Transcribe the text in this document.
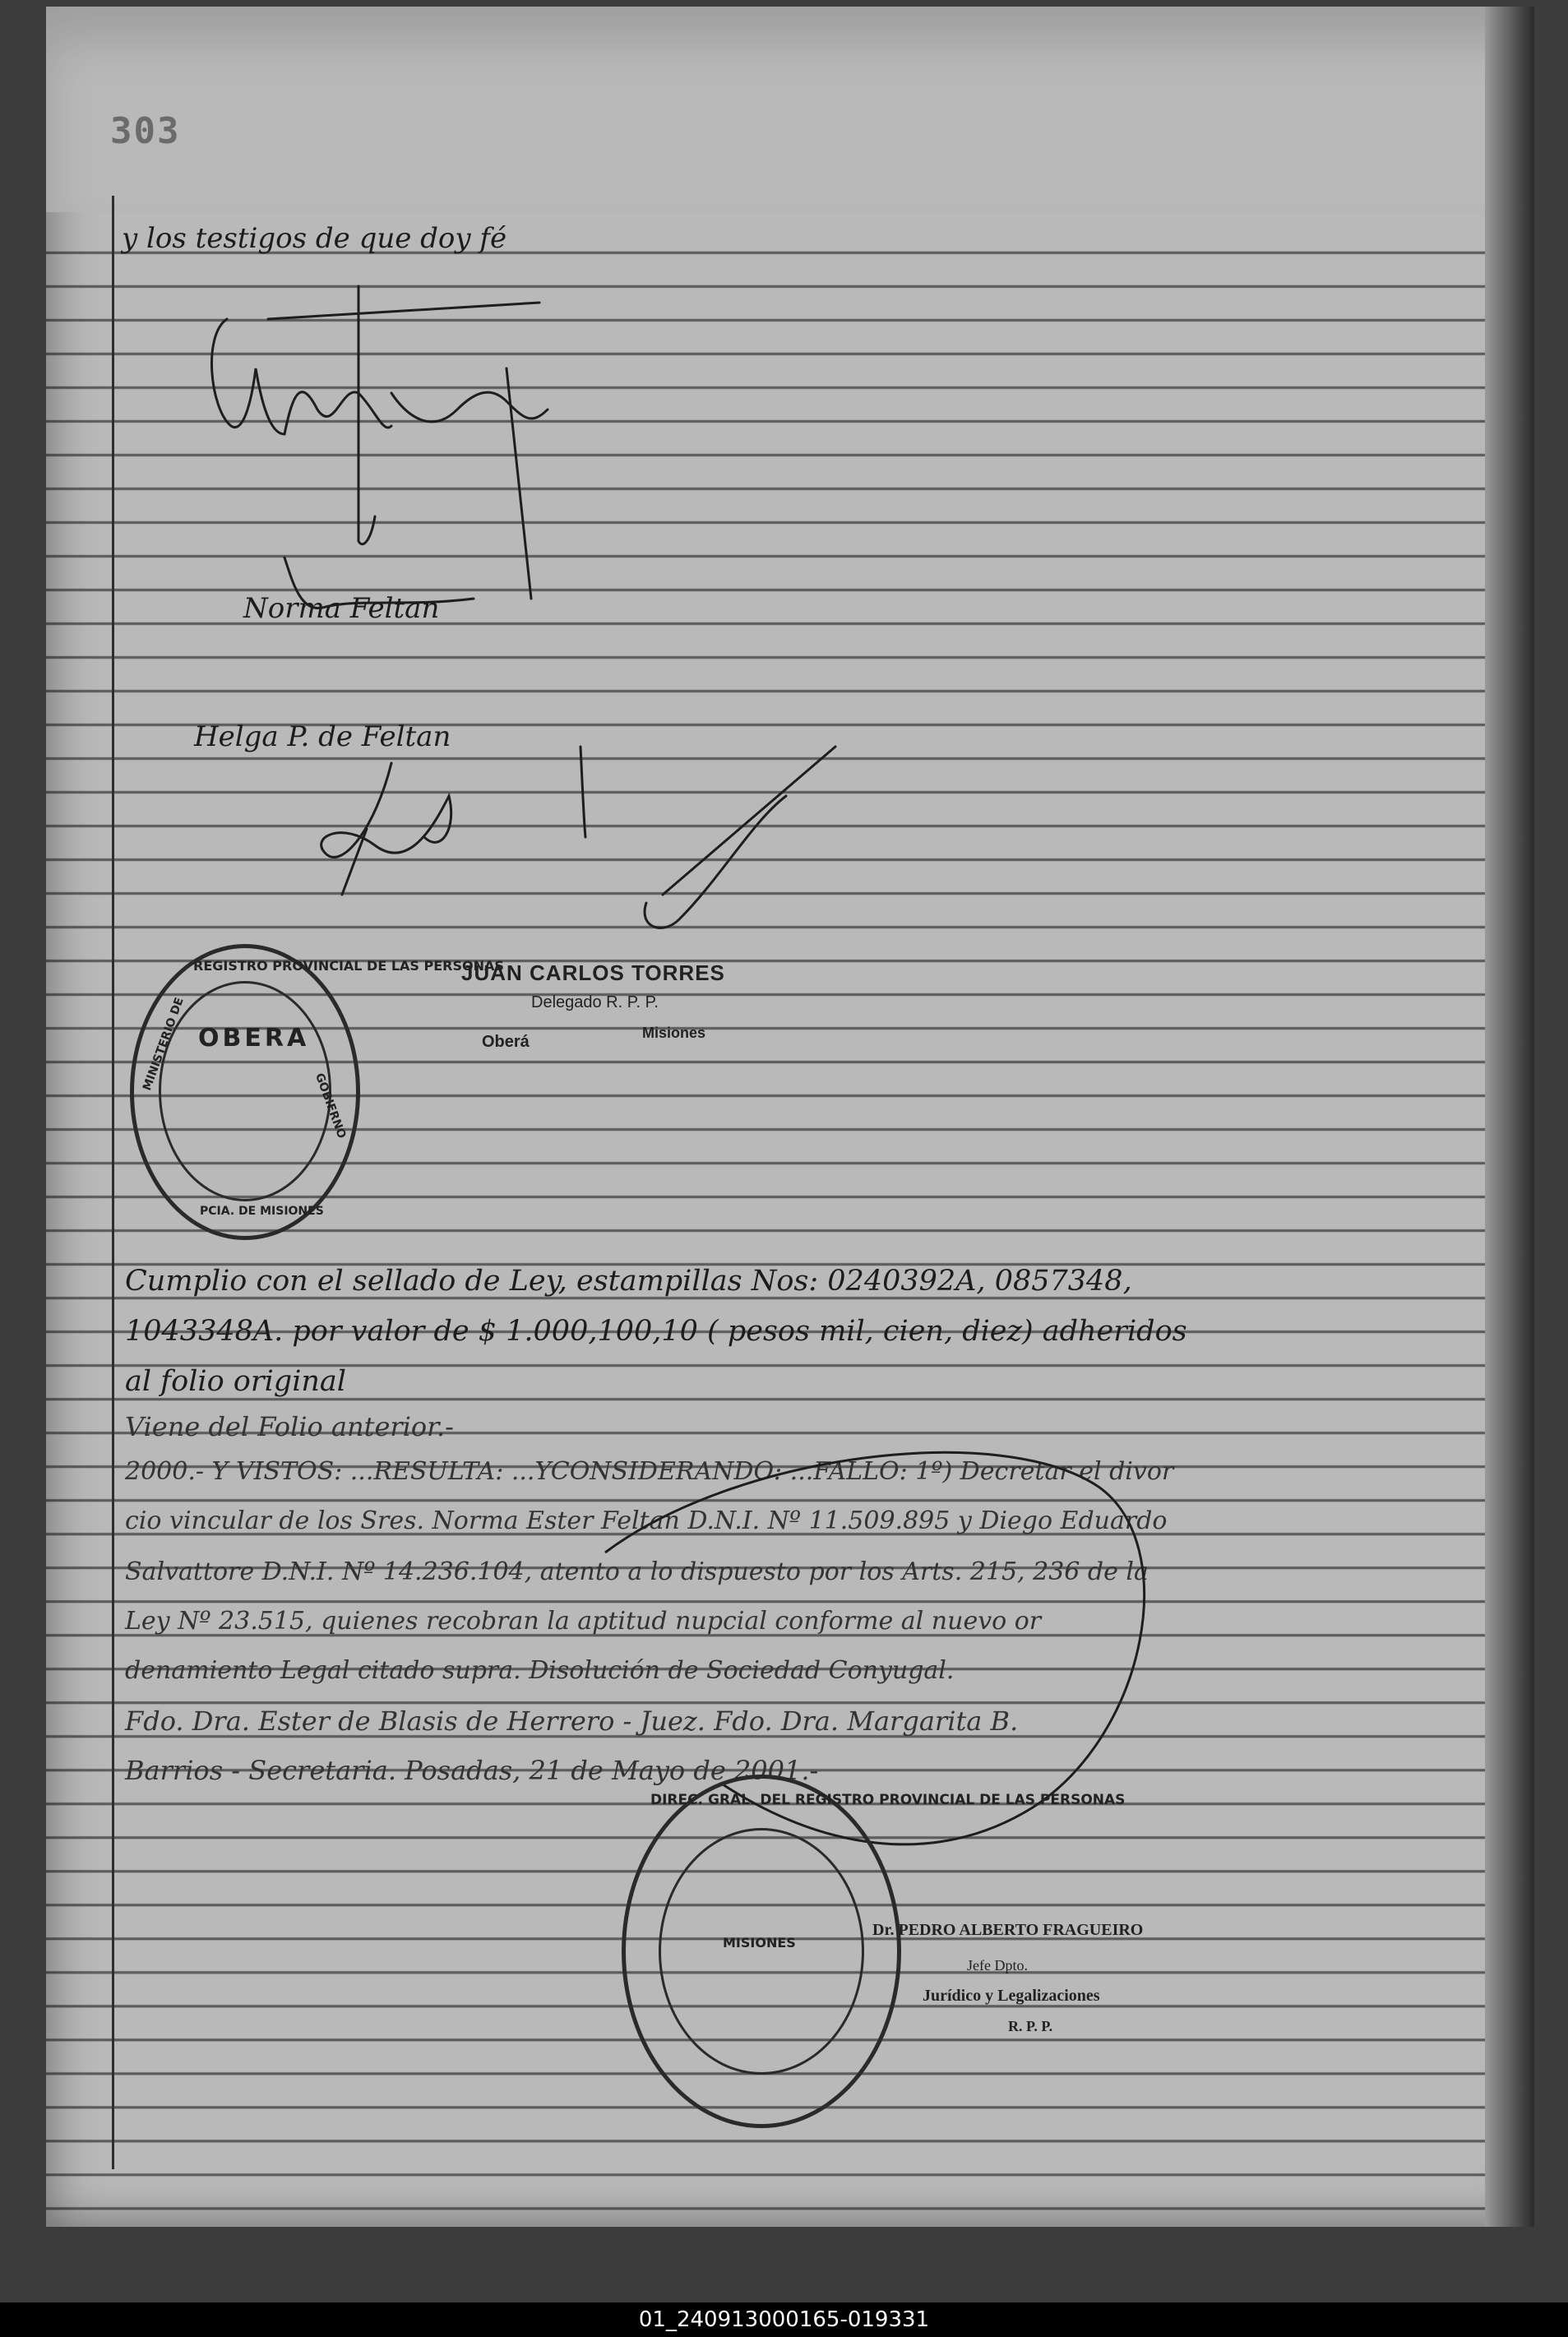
303
y los testigos de que doy fé
Norma Feltan
Helga P. de Feltan
REGISTRO PROVINCIAL DE LAS PERSONAS
OBERA
MINISTERIO DE
GOBIERNO
PCIA. DE MISIONES
JUAN CARLOS TORRES
Delegado R. P. P.
Oberá	Misiones
Cumplio con el sellado de Ley, estampillas Nos: 0240392A, 0857348,
1043348A. por valor de $ 1.000,100,10 ( pesos mil, cien, diez) adheridos
al folio original
Viene del Folio anterior.-
2000.- Y VISTOS: ...RESULTA: ...YCONSIDERANDO: ...FALLO: 1º) Decretar el divor
cio vincular de los Sres. Norma Ester Feltan D.N.I. Nº 11.509.895 y Diego Eduardo
Salvattore D.N.I. Nº 14.236.104, atento a lo dispuesto por los Arts. 215, 236 de la
Ley Nº 23.515, quienes recobran la aptitud nupcial conforme al nuevo or
denamiento Legal citado supra. Disolución de Sociedad Conyugal.
Fdo. Dra. Ester de Blasis de Herrero - Juez. Fdo. Dra. Margarita B.
Barrios - Secretaria. Posadas, 21 de Mayo de 2001.-
DIREC. GRAL. DEL REGISTRO PROVINCIAL DE LAS PERSONAS
MISIONES
Dr. PEDRO ALBERTO FRAGUEIRO
Jefe Dpto.
Jurídico y Legalizaciones
R. P. P.
01_240913000165-019331
